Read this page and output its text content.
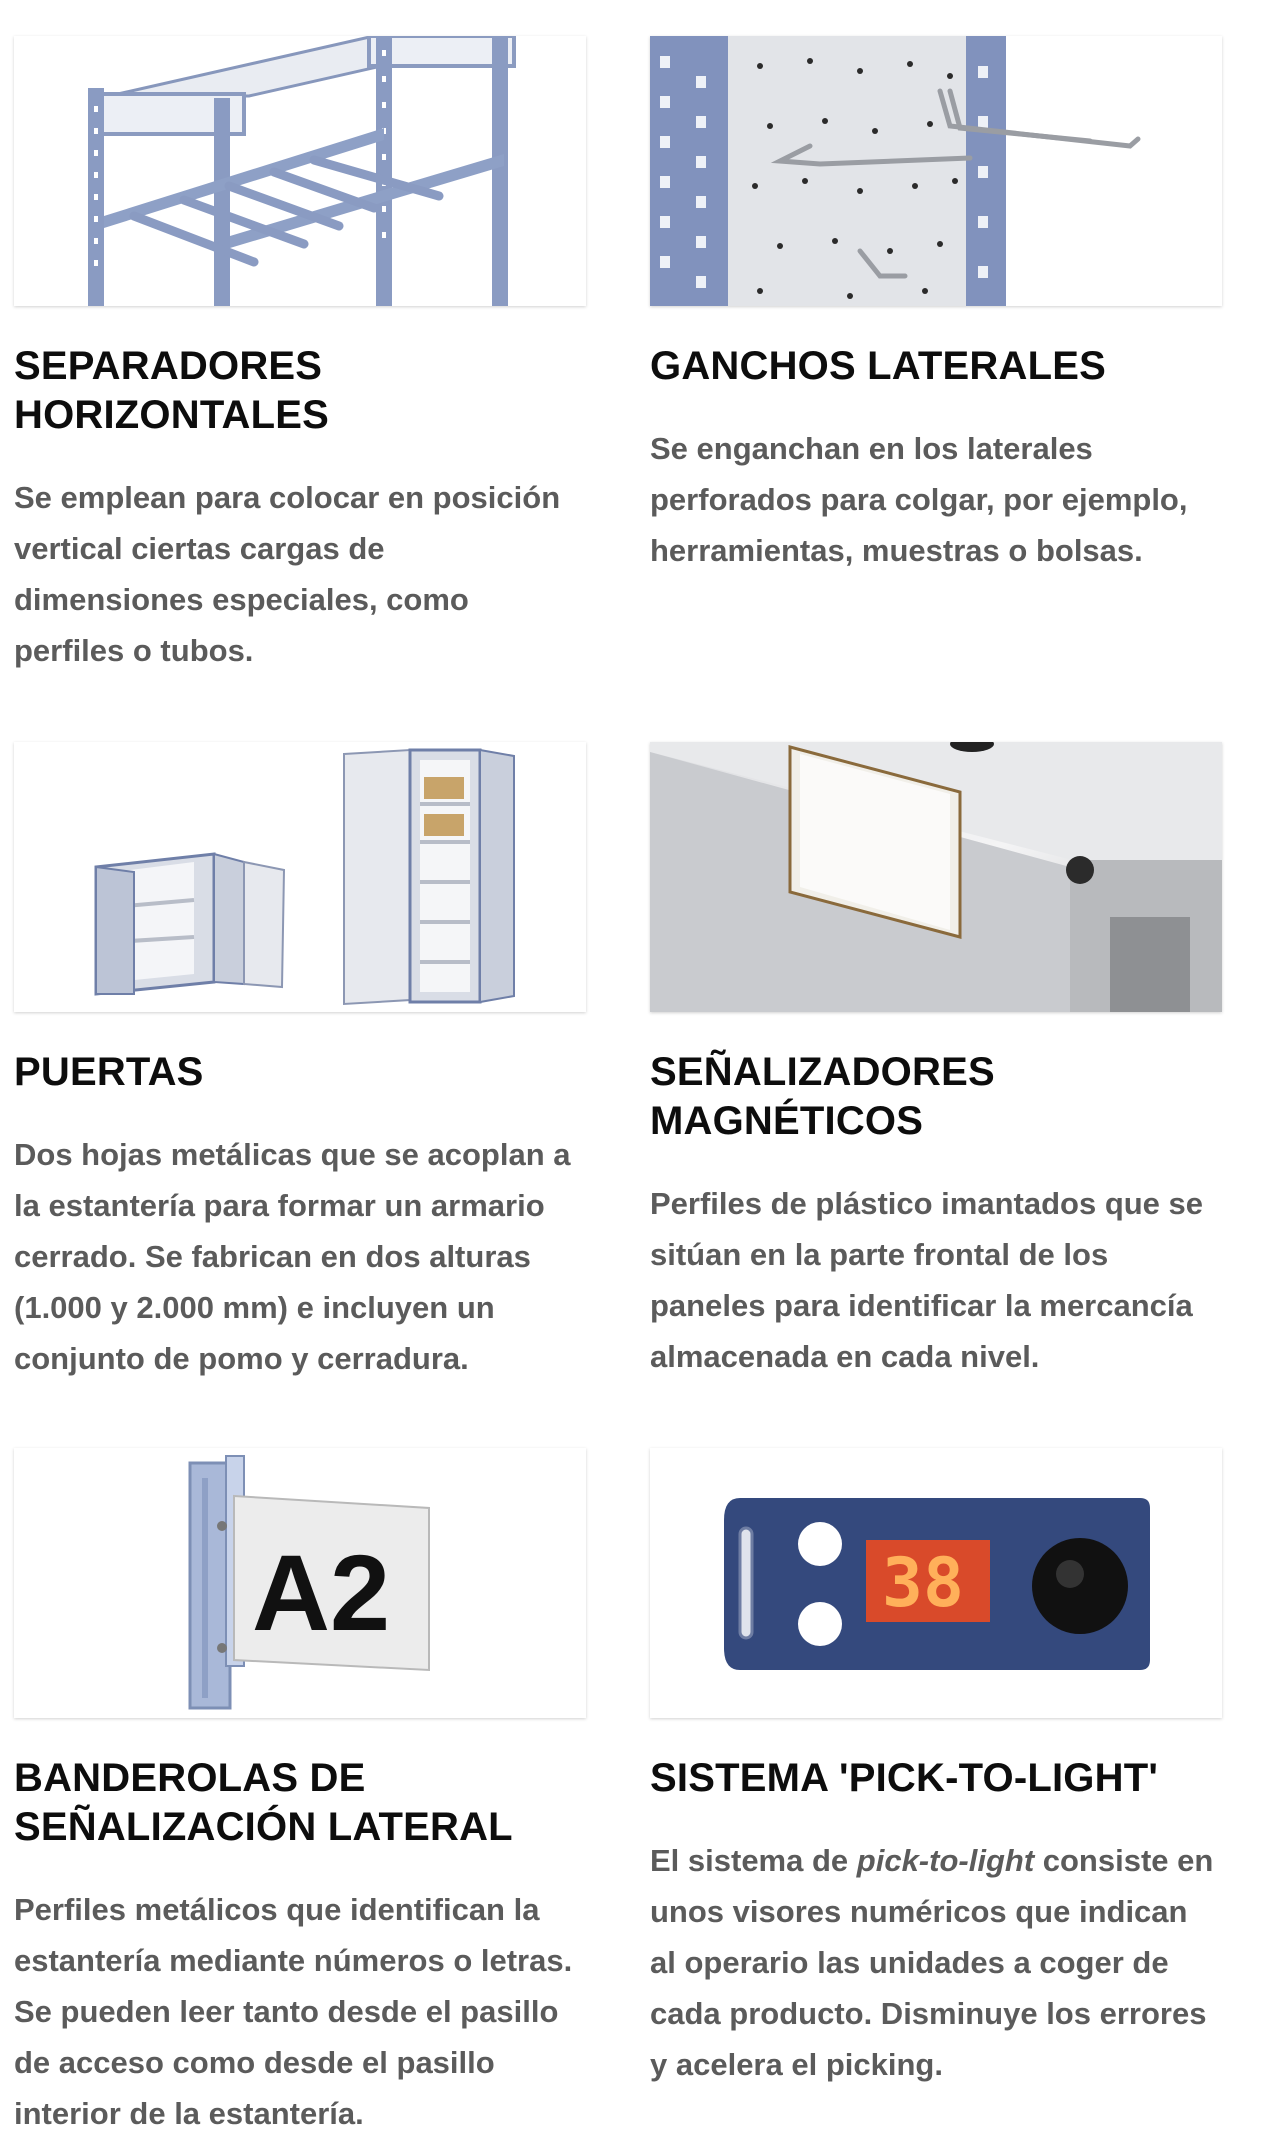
SEPARADORES HORIZONTALES
Se emplean para colocar en posición vertical ciertas cargas de dimensiones especiales, como perfiles o tubos.
GANCHOS LATERALES
Se enganchan en los laterales perforados para colgar, por ejemplo, herramientas, muestras o bolsas.
PUERTAS
Dos hojas metálicas que se acoplan a la estantería para formar un armario cerrado. Se fabrican en dos alturas (1.000 y 2.000 mm) e incluyen un conjunto de pomo y cerradura.
SEÑALIZADORES MAGNÉTICOS
Perfiles de plástico imantados que se sitúan en la parte frontal de los paneles para identificar la mercancía almacenada en cada nivel.
A2
BANDEROLAS DE SEÑALIZACIÓN LATERAL
Perfiles metálicos que identifican la estantería mediante números o letras. Se pueden leer tanto desde el pasillo de acceso como desde el pasillo interior de la estantería.
38
SISTEMA 'PICK-TO-LIGHT'
El sistema de pick-to-light consiste en unos visores numéricos que indican al operario las unidades a coger de cada producto. Disminuye los errores y acelera el picking.
